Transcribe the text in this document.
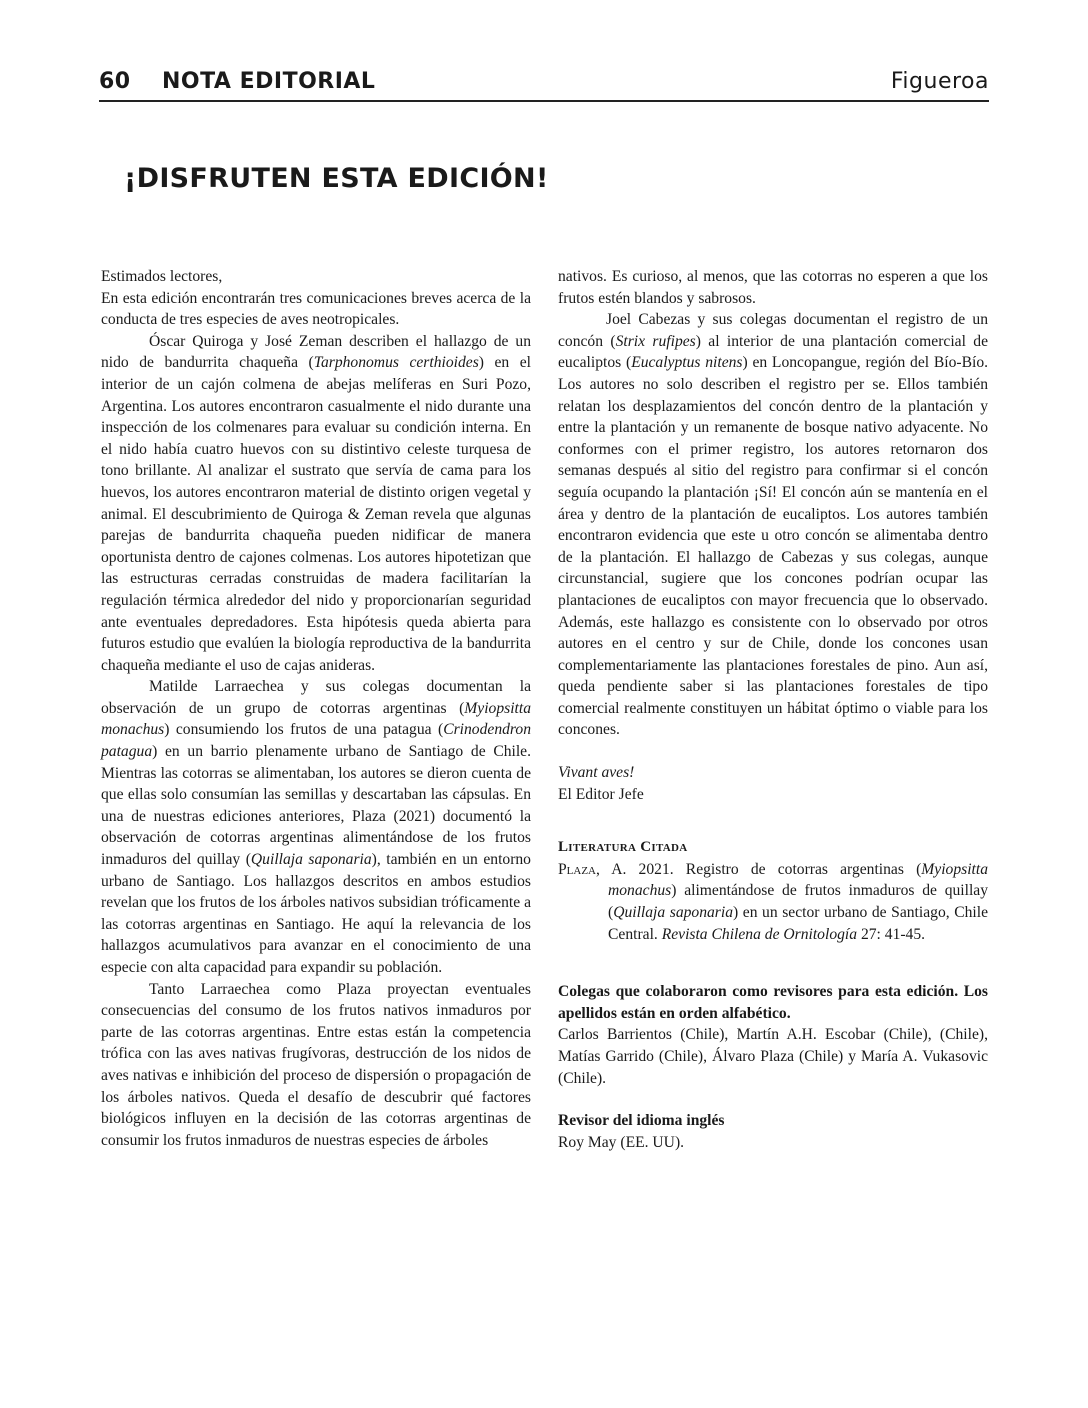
60 NOTA EDITORIAL	Figueroa
¡DISFRUTEN ESTA EDICIÓN!

Estimados lectores,

En esta edición encontrarán tres comunicaciones breves acerca de la conducta de tres especies de aves neotropicales.

Óscar Quiroga y José Zeman describen el hallazgo de un nido de bandurrita chaqueña (Tarphonomus certhioides) en el interior de un cajón colmena de abejas melíferas en Suri Pozo, Argentina. Los autores encontraron casualmente el nido durante una inspección de los colmenares para evaluar su condición interna. En el nido había cuatro huevos con su distintivo celeste turquesa de tono brillante. Al analizar el sustrato que servía de cama para los huevos, los autores encontraron material de distinto origen vegetal y animal. El descubrimiento de Quiroga & Zeman revela que algunas parejas de bandurrita chaqueña pueden nidificar de manera oportunista dentro de cajones colmenas. Los autores hipotetizan que las estructuras cerradas construidas de madera facilitarían la regulación térmica alrededor del nido y proporcionarían seguridad ante eventuales depredadores. Esta hipótesis queda abierta para futuros estudio que evalúen la biología reproductiva de la bandurrita chaqueña mediante el uso de cajas anideras.

Matilde Larraechea y sus colegas documentan la observación de un grupo de cotorras argentinas (Myiopsitta monachus) consumiendo los frutos de una patagua (Crinodendron patagua) en un barrio plenamente urbano de Santiago de Chile. Mientras las cotorras se alimentaban, los autores se dieron cuenta de que ellas solo consumían las semillas y descartaban las cápsulas. En una de nuestras ediciones anteriores, Plaza (2021) documentó la observación de cotorras argentinas alimentándose de los frutos inmaduros del quillay (Quillaja saponaria), también en un entorno urbano de Santiago. Los hallazgos descritos en ambos estudios revelan que los frutos de los árboles nativos subsidian tróficamente a las cotorras argentinas en Santiago. He aquí la relevancia de los hallazgos acumulativos para avanzar en el conocimiento de una especie con alta capacidad para expandir su población.

Tanto Larraechea como Plaza proyectan eventuales consecuencias del consumo de los frutos nativos inmaduros por parte de las cotorras argentinas. Entre estas están la competencia trófica con las aves nativas frugívoras, destrucción de los nidos de aves nativas e inhibición del proceso de dispersión o propagación de los árboles nativos. Queda el desafío de descubrir qué factores biológicos influyen en la decisión de las cotorras argentinas de consumir los frutos inmaduros de nuestras especies de árboles

nativos. Es curioso, al menos, que las cotorras no esperen a que los frutos estén blandos y sabrosos.

Joel Cabezas y sus colegas documentan el registro de un concón (Strix rufipes) al interior de una plantación comercial de eucaliptos (Eucalyptus nitens) en Loncopangue, región del Bío-Bío. Los autores no solo describen el registro per se. Ellos también relatan los desplazamientos del concón dentro de la plantación y entre la plantación y un remanente de bosque nativo adyacente. No conformes con el primer registro, los autores retornaron dos semanas después al sitio del registro para confirmar si el concón seguía ocupando la plantación ¡Sí! El concón aún se mantenía en el área y dentro de la plantación de eucaliptos. Los autores también encontraron evidencia que este u otro concón se alimentaba dentro de la plantación. El hallazgo de Cabezas y sus colegas, aunque circunstancial, sugiere que los concones podrían ocupar las plantaciones de eucaliptos con mayor frecuencia que lo observado. Además, este hallazgo es consistente con lo observado por otros autores en el centro y sur de Chile, donde los concones usan complementariamente las plantaciones forestales de pino. Aun así, queda pendiente saber si las plantaciones forestales de tipo comercial realmente constituyen un hábitat óptimo o viable para los concones.

Vivant aves!

El Editor Jefe

Literatura Citada

Plaza, A. 2021. Registro de cotorras argentinas (Myiopsitta monachus) alimentándose de frutos inmaduros de quillay (Quillaja saponaria) en un sector urbano de Santiago, Chile Central. Revista Chilena de Ornitología 27: 41-45.

Colegas que colaboraron como revisores para esta edición. Los apellidos están en orden alfabético.

Carlos Barrientos (Chile), Martín A.H. Escobar (Chile), (Chile), Matías Garrido (Chile), Álvaro Plaza (Chile) y María A. Vukasovic (Chile).

Revisor del idioma inglés

Roy May (EE. UU).
